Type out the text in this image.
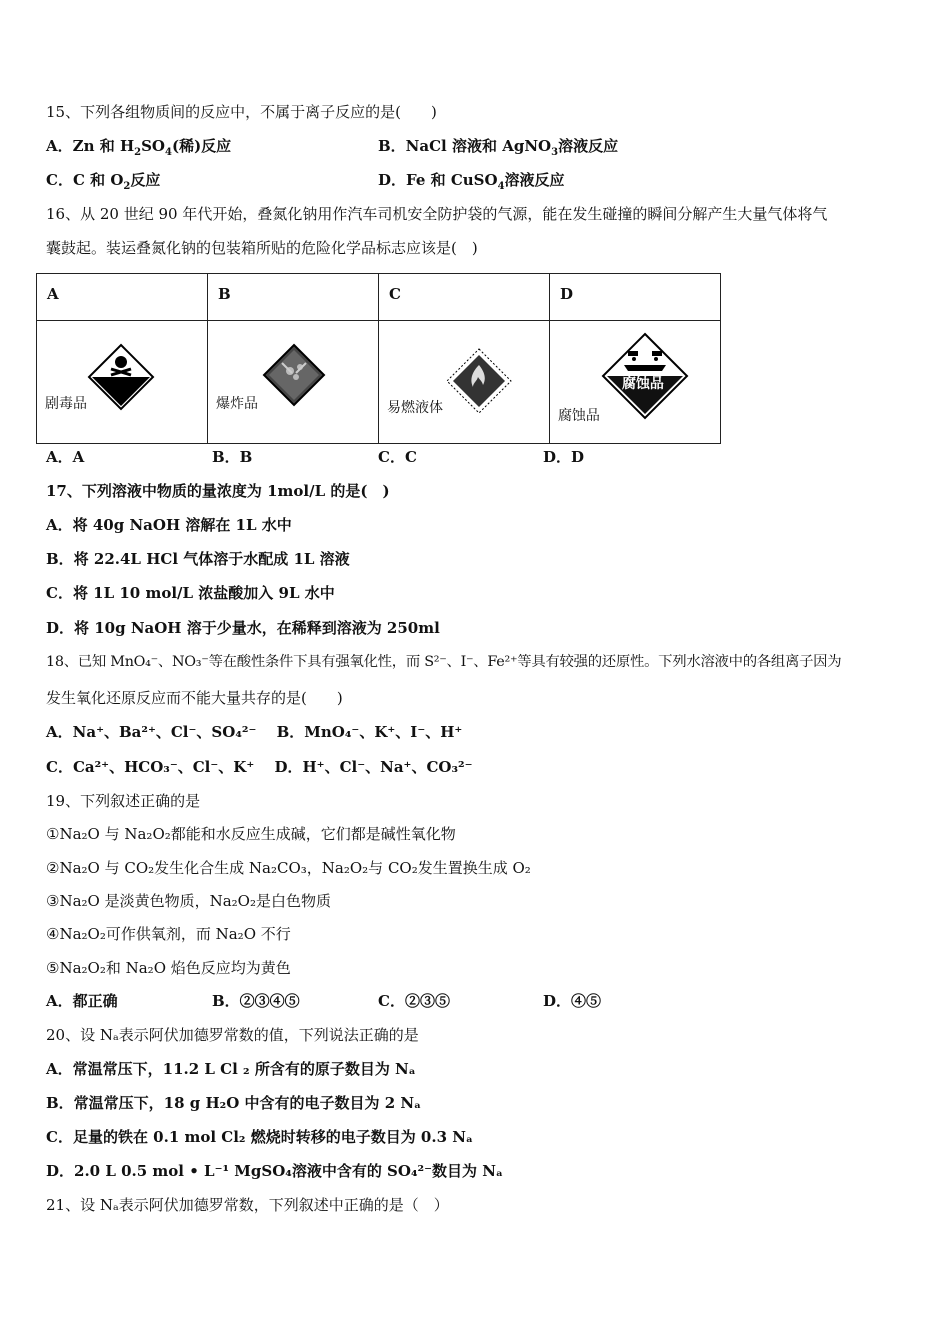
15、下列各组物质间的反应中，不属于离子反应的是(　　)
A．Zn 和 $H_2SO_4$(稀)反应	B．NaCl 溶液和 AgNO$_3$溶液反应
C．C 和 $O_2$反应	D．Fe 和 CuSO$_4$溶液反应
16、从 20 世纪 90 年代开始，叠氮化钠用作汽车司机安全防护袋的气源，能在发生碰撞的瞬间分解产生大量气体将气
囊鼓起。装运叠氮化钠的包装箱所贴的危险化学品标志应该是(　)
A	B	C	D

剧毒品	爆炸品	易燃液体	腐蚀品
腐蚀品
A．A	B．B	C．C	D．D
17、下列溶液中物质的量浓度为 1mol/L 的是(　)
A．将 40g NaOH 溶解在 1L 水中
B．将 22.4L HCl 气体溶于水配成 1L 溶液
C．将 1L 10 mol/L 浓盐酸加入 9L 水中
D．将 10g NaOH 溶于少量水，在稀释到溶液为 250ml
18、已知 MnO₄⁻、NO₃⁻等在酸性条件下具有强氧化性，而 S²⁻、I⁻、Fe²⁺等具有较强的还原性。下列水溶液中的各组离子因为
发生氧化还原反应而不能大量共存的是(　　)
A．Na⁺、Ba²⁺、Cl⁻、SO₄²⁻　 B．MnO₄⁻、K⁺、I⁻、H⁺
C．Ca²⁺、HCO₃⁻、Cl⁻、K⁺　 D．H⁺、Cl⁻、Na⁺、CO₃²⁻
19、下列叙述正确的是
①Na₂O 与 Na₂O₂都能和水反应生成碱，它们都是碱性氧化物
②Na₂O 与 CO₂发生化合生成 Na₂CO₃，Na₂O₂与 CO₂发生置换生成 O₂
③Na₂O 是淡黄色物质，Na₂O₂是白色物质
④Na₂O₂可作供氧剂，而 Na₂O 不行
⑤Na₂O₂和 Na₂O 焰色反应均为黄色
A．都正确	B．②③④⑤	C．②③⑤	D．④⑤
20、设 Nₐ表示阿伏加德罗常数的值，下列说法正确的是
A．常温常压下，11.2 L Cl ₂ 所含有的原子数目为 Nₐ
B．常温常压下，18 g H₂O 中含有的电子数目为 2 Nₐ
C．足量的铁在 0.1 mol Cl₂ 燃烧时转移的电子数目为 0.3 Nₐ
D．2.0 L 0.5 mol • L⁻¹ MgSO₄溶液中含有的 SO₄²⁻数目为 Nₐ
21、设 Nₐ表示阿伏加德罗常数，下列叙述中正确的是（　）
